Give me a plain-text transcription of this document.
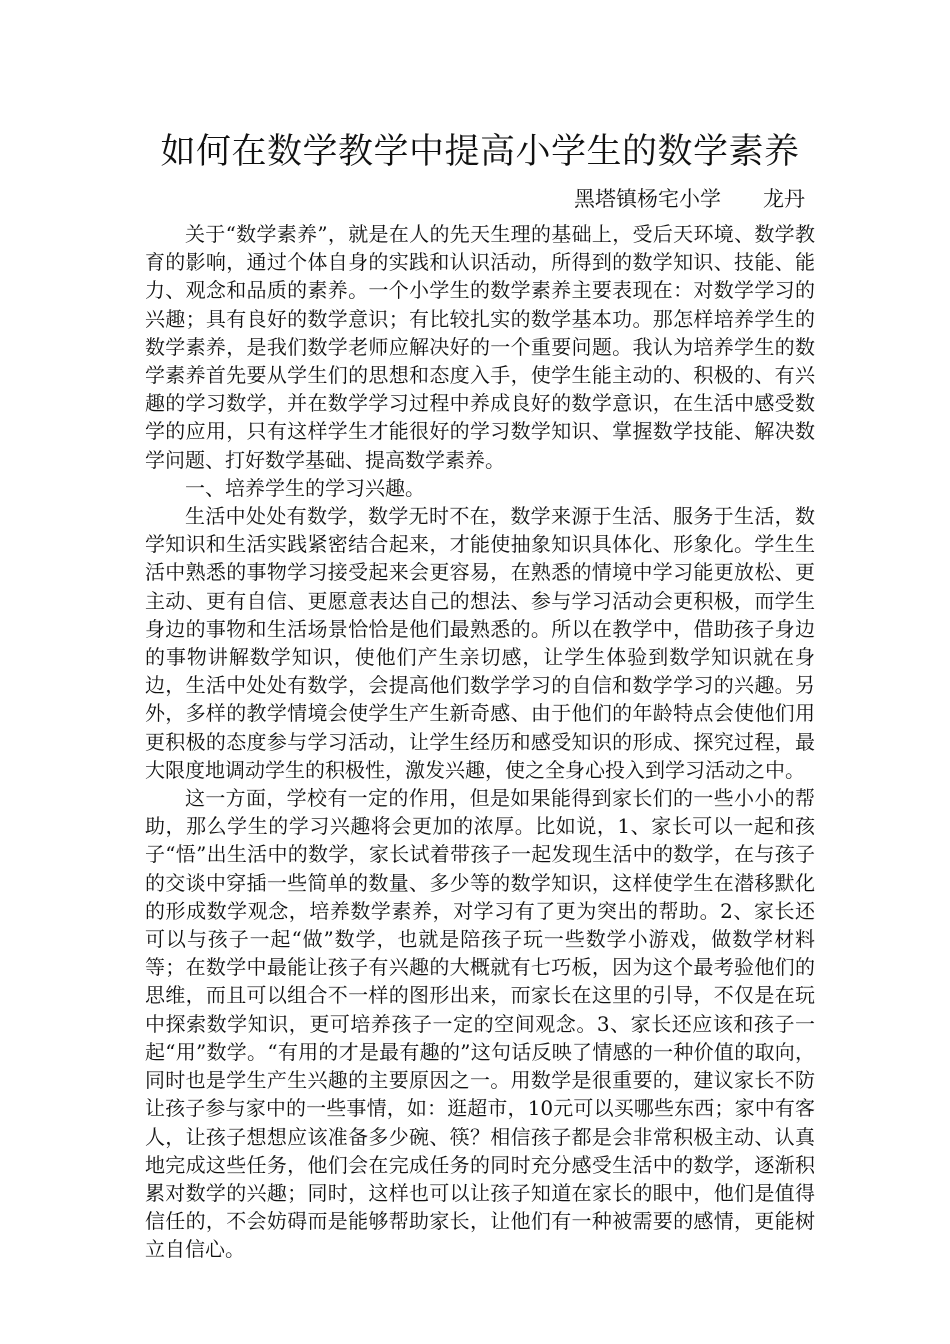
如何在数学教学中提高小学生的数学素养
黑塔镇杨宅小学 龙丹

关于“数学素养”，就是在人的先天生理的基础上，受后天环境、数学教育的影响，通过个体自身的实践和认识活动，所得到的数学知识、技能、能力、观念和品质的素养。一个小学生的数学素养主要表现在：对数学学习的兴趣；具有良好的数学意识；有比较扎实的数学基本功。那怎样培养学生的数学素养，是我们数学老师应解决好的一个重要问题。我认为培养学生的数学素养首先要从学生们的思想和态度入手，使学生能主动的、积极的、有兴趣的学习数学，并在数学学习过程中养成良好的数学意识，在生活中感受数学的应用，只有这样学生才能很好的学习数学知识、掌握数学技能、解决数学问题、打好数学基础、提高数学素养。

一、培养学生的学习兴趣。

生活中处处有数学，数学无时不在，数学来源于生活、服务于生活，数学知识和生活实践紧密结合起来，才能使抽象知识具体化、形象化。学生生活中熟悉的事物学习接受起来会更容易，在熟悉的情境中学习能更放松、更主动、更有自信、更愿意表达自己的想法、参与学习活动会更积极，而学生身边的事物和生活场景恰恰是他们最熟悉的。所以在教学中，借助孩子身边的事物讲解数学知识，使他们产生亲切感，让学生体验到数学知识就在身边，生活中处处有数学，会提高他们数学学习的自信和数学学习的兴趣。另外，多样的教学情境会使学生产生新奇感、由于他们的年龄特点会使他们用更积极的态度参与学习活动，让学生经历和感受知识的形成、探究过程，最大限度地调动学生的积极性，激发兴趣，使之全身心投入到学习活动之中。

这一方面，学校有一定的作用，但是如果能得到家长们的一些小小的帮助，那么学生的学习兴趣将会更加的浓厚。比如说，1、家长可以一起和孩子“悟”出生活中的数学，家长试着带孩子一起发现生活中的数学，在与孩子的交谈中穿插一些简单的数量、多少等的数学知识，这样使学生在潜移默化的形成数学观念，培养数学素养，对学习有了更为突出的帮助。2、家长还可以与孩子一起“做”数学，也就是陪孩子玩一些数学小游戏，做数学材料等；在数学中最能让孩子有兴趣的大概就有七巧板，因为这个最考验他们的思维，而且可以组合不一样的图形出来，而家长在这里的引导，不仅是在玩中探索数学知识，更可培养孩子一定的空间观念。3、家长还应该和孩子一起“用”数学。“有用的才是最有趣的”这句话反映了情感的一种价值的取向，同时也是学生产生兴趣的主要原因之一。用数学是很重要的，建议家长不防让孩子参与家中的一些事情，如：逛超市，10元可以买哪些东西；家中有客人，让孩子想想应该准备多少碗、筷？相信孩子都是会非常积极主动、认真地完成这些任务，他们会在完成任务的同时充分感受生活中的数学，逐渐积累对数学的兴趣；同时，这样也可以让孩子知道在家长的眼中，他们是值得信任的，不会妨碍而是能够帮助家长，让他们有一种被需要的感情，更能树立自信心。
